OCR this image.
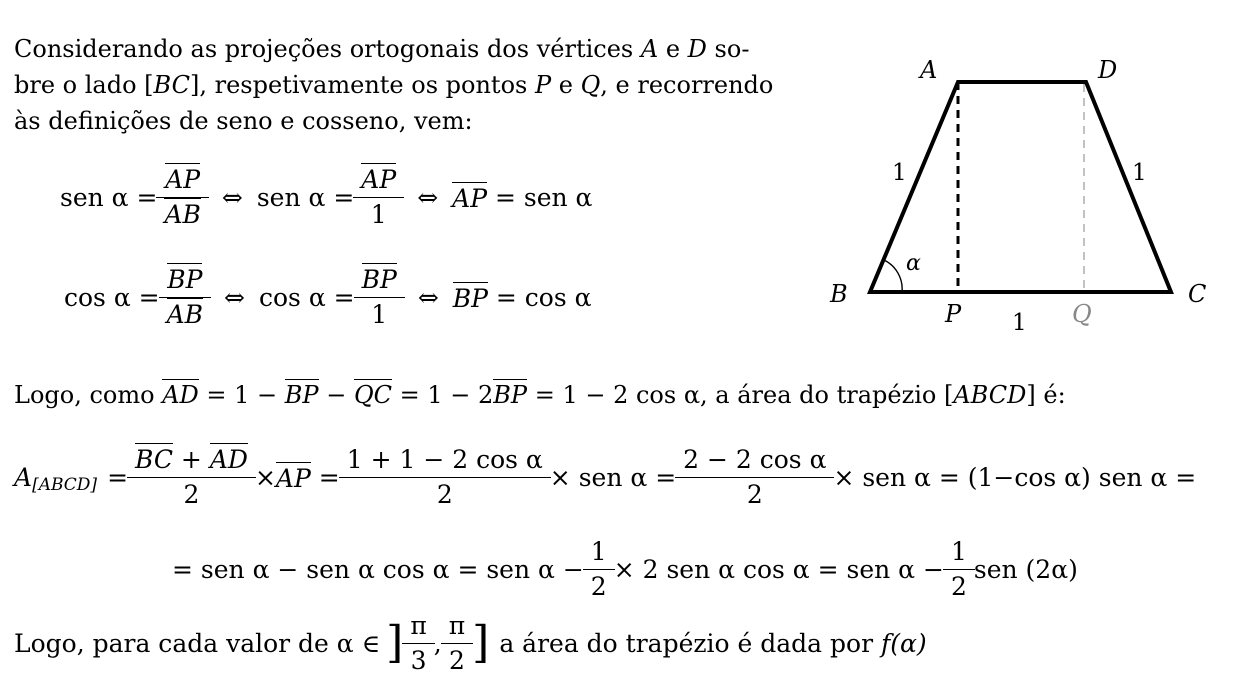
Considerando as projeções ortogonais dos vértices A e D so-
bre o lado [BC], respetivamente os pontos P e Q, e recorrendo
às definições de seno e cosseno, vem:
sen $\alpha = \frac{AP}{AB}$ ⇔ sen $\alpha = \frac{AP}{1}$ ⇔ AP = sen α
$\cos \alpha = \frac{BP}{AB}$ ⇔ $\cos \alpha = \frac{BP}{1}$ ⇔ BP = cos α
A	D
B	C
P	Q
1	1
1
α
Logo, como AD = 1 − BP − QC = 1 − 2BP = 1 − 2 cos α, a área do trapézio [ABCD] é:
A [ABCD] = $\frac{BC + AD}{2}$ × AP = $\frac{\text{1 + 1 − 2 cos α}}{2}$ × sen $\alpha = \frac{\text{2 − 2 cos α}}{2}$ × sen α = (1−cos α) sen α =
= sen α − sen α cos α = sen $\alpha - \frac{1}{2} \times 2$ sen α cos α = sen $\alpha - \frac{1}{2}$ sen (2α)
Logo, para cada valor de α ∈ ] $\frac{\pi}{3}$ , $\frac{\pi}{2}$ ] a área do trapézio é dada por f(α)
